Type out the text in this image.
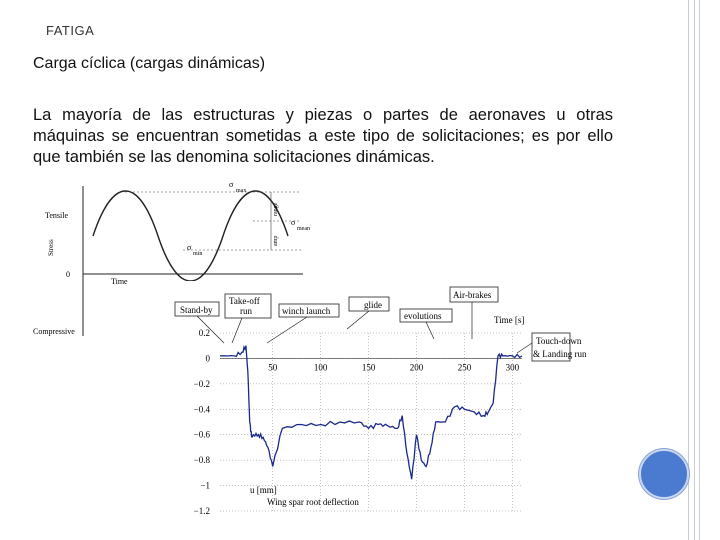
FATIGA
Carga cíclica (cargas dinámicas)
La mayoría de las estructuras y piezas o partes de aeronaves u otras máquinas se encuentran sometidas a este tipo de solicitaciones; es por ello que también se las denomina solicitaciones dinámicas.
Tensile
Stress
0
Time
Compressive
σ
max
σ
min
σ
mean
range
amp
0.2
0
−0.2
−0.4
−0.6
−0.8
−1
−1.2
50	100	150	200	250	300
Stand-by
Take-off
run	winch launch
glide
evolutions
Air-brakes
Time [s]
Touch-down
& Landing run
u [mm]
Wing spar root deflection
